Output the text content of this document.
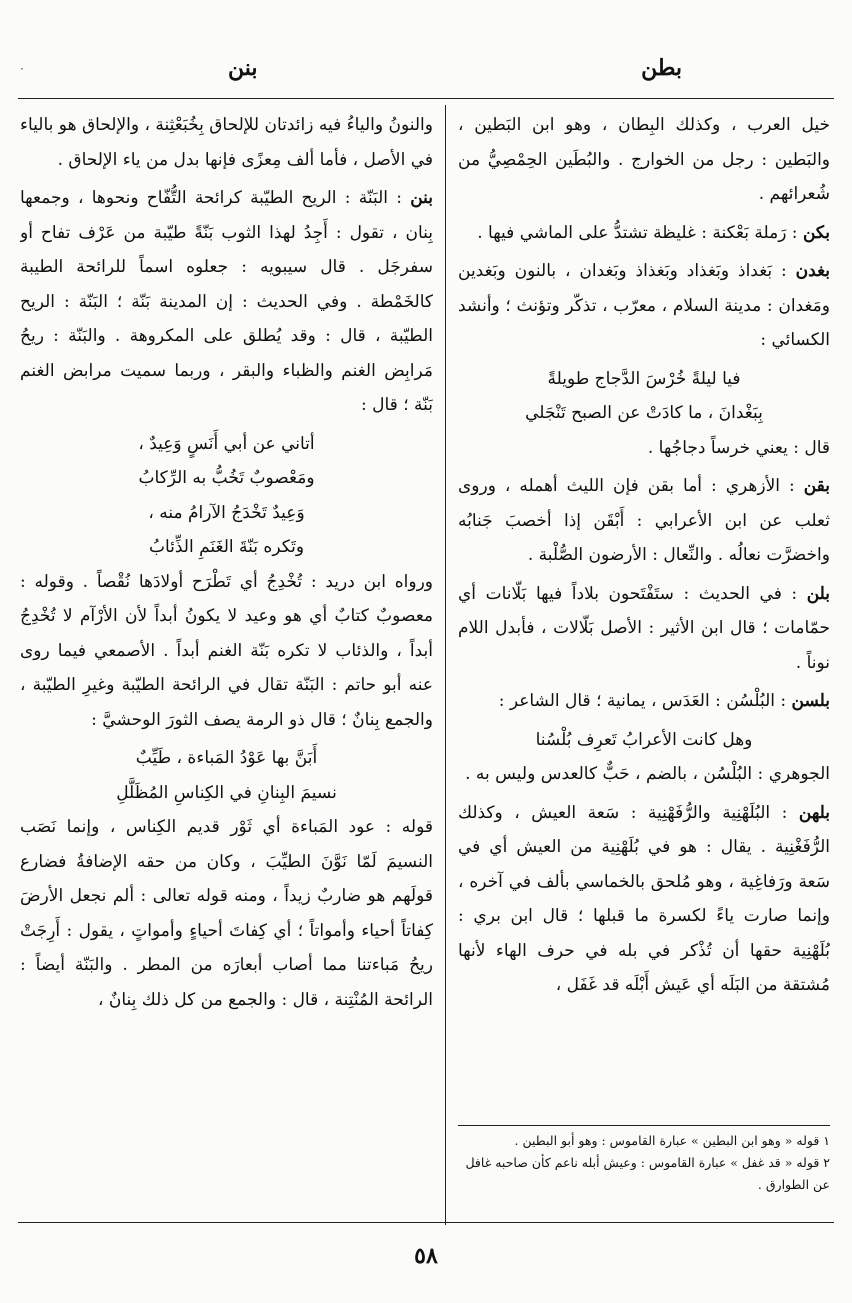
·	بطن
بنن

خيل العرب ، وكذلك البِطان ، وهو ابن البَطين ، والبَطين : رجل من الخوارج . والبُطَين الحِمْصِيُّ من شُعرائهم .

بكن : رَملة بَعْكنة : غليظة تشتدُّ على الماشي فيها .

بغدن : بَغداذ وبَغذاد وبَغذاذ وبَغدان ، بالنون وبَغدين ومَغدان : مدينة السلام ، معرّب ، تذكّر وتؤنث ؛ وأنشد الكسائي :

فيا ليلةً خُرْسَ الدَّجاج طويلةً

بِبَغْدانَ ، ما كادَتْ عن الصبح تَنْجَلي

قال : يعني خرساً دجاجُها .

بقن : الأزهري : أما بقن فإن الليث أهمله ، وروى ثعلب عن ابن الأعرابي : أَبْقَن إذا أخصبَ جَنابُه واخضرَّت نعالُه . والنِّعال : الأرضون الصُّلْبة .

بلن : في الحديث : ستَفْتَحون بلاداً فيها بَلّانات أي حمّامات ؛ قال ابن الأثير : الأصل بَلّالات ، فأبدل اللام نوناً .

بلسن : البُلْسُن : العَدَس ، يمانية ؛ قال الشاعر :

وهل كانت الأعرابُ تَعرِف بُلْسُنا

الجوهري : البُلْسُن ، بالضم ، حَبٌّ كالعدس وليس به .

بلهن : البُلَهْنِية والرُّفَهْنِية : سَعة العيش ، وكذلك الرُّفَغْنِية . يقال : هو في بُلَهْنِية من العيش أي في سَعة ورَفاغِية ، وهو مُلحق بالخماسي بألف في آخره ، وإنما صارت ياءً لكسرة ما قبلها ؛ قال ابن بري : بُلَهْنِية حقها أن تُذْكر في بله في حرف الهاء لأنها مُشتقة من البَلَه أي عَيش أَبْلَه قد غَفَل ،

والنونُ والياءُ فيه زائدتان للإلحاق بِخُبَعْثِنة ، والإلحاق هو بالياء في الأصل ، فأما ألف مِعزًى فإنها بدل من ياء الإلحاق .

بنن : البَنّة : الريح الطيّبة كرائحة التُّفّاح ونحوها ، وجمعها بِنان ، تقول : أَجِدُ لهذا الثوب بَنّةً طيّبة من عَرْف تفاح أو سفرجَل . قال سيبويه : جعلوه اسماً للرائحة الطيبة كالخَمْطة . وفي الحديث : إن المدينة بَنّة ؛ البَنّة : الريح الطيّبة ، قال : وقد يُطلق على المكروهة . والبَنّة : ريحُ مَرابِض الغنم والظباء والبقر ، وربما سميت مرابض الغنم بَنّة ؛ قال :

أتاني عن أبي أَنَسٍ وَعِيدٌ ،

ومَعْصوبٌ تَخُبُّ به الرِّكابُ

وَعِيدٌ تَخْدَجُ الآرامُ منه ،

وتَكره بَنّةَ الغَنَمِ الذِّئابُ

ورواه ابن دريد : تُخْدِجُ أي تَطْرَح أولادَها نُقْصاً . وقوله : معصوبٌ كتابٌ أي هو وعيد لا يكونُ أبداً لأن الأرْآم لا تُخْدِجُ أبداً ، والذئاب لا تكره بَنّة الغنم أبداً . الأصمعي فيما روى عنه أبو حاتم : البَنّة تقال في الرائحة الطيّبة وغيرِ الطيّبة ، والجمع بِنانٌ ؛ قال ذو الرمة يصف الثورَ الوحشيَّ :

أَبَنَّ بها عَوْدُ المَباءة ، طَيِّبٌ

نسيمَ البِنانِ في الكِناسِ المُظَلَّلِ

قوله : عود المَباءة أي ثَوْر قديم الكِناس ، وإنما نَصَب النسيمَ لَمّا نَوَّنَ الطيِّبَ ، وكان من حقه الإضافةُ فضارع قولَهم هو ضاربٌ زيداً ، ومنه قوله تعالى : ألم نجعل الأرضَ كِفاتاً أحياء وأمواتاً ؛ أي كِفاتَ أحياءٍ وأمواتٍ ، يقول : أَرِجَتْ ريحُ مَباءتنا مما أصاب أبعارَه من المطر . والبَنّة أيضاً : الرائحة المُنْتِنة ، قال : والجمع من كل ذلك بِنانٌ ،

١ قوله « وهو ابن البطين » عبارة القاموس : وهو أبو البطين .

٢ قوله « قد غفل » عبارة القاموس : وعيش أبله ناعم كأن صاحبه غافل عن الطوارق .

٥٨
